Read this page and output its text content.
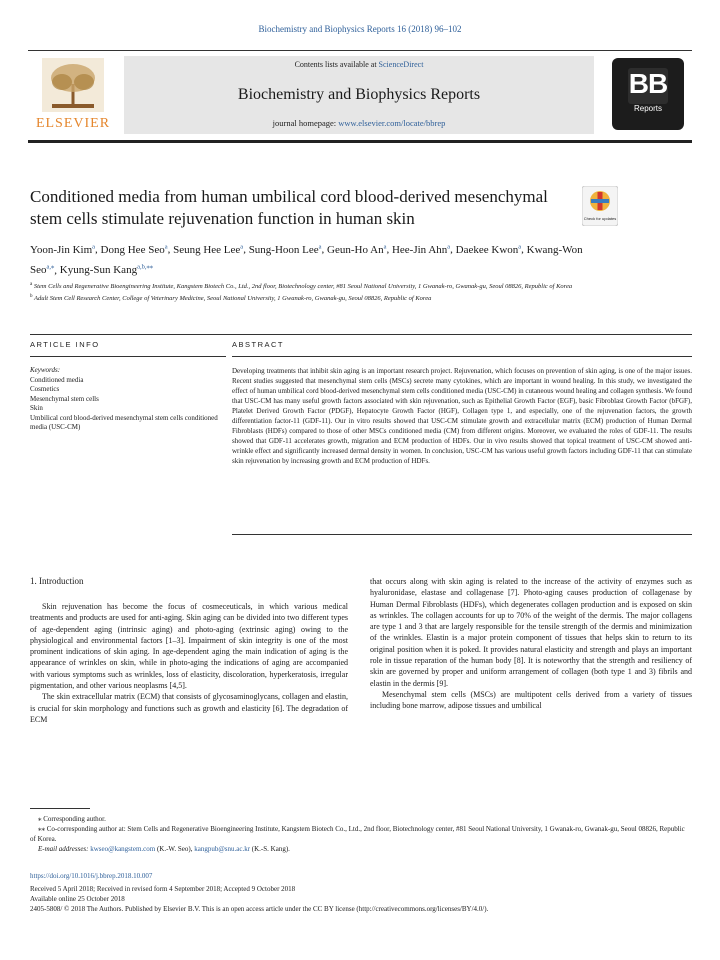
Biochemistry and Biophysics Reports 16 (2018) 96–102
ELSEVIER
Contents lists available at ScienceDirect
Biochemistry and Biophysics Reports
journal homepage: www.elsevier.com/locate/bbrep
BB
Reports
Conditioned media from human umbilical cord blood-derived mesenchymal stem cells stimulate rejuvenation function in human skin	Check for updates
Yoon-Jin Kim$^a$, Dong Hee Seo$^a$, Seung Hee Lee$^a$, Sung-Hoon Lee$^a$, Geun-Ho An$^a$, Hee-Jin Ahn$^a$, Daekee Kwon$^a$, Kwang-Won Seo$^{a,⁎}$, Kyung-Sun Kang$^{a,b,⁎⁎}$
$^a$ Stem Cells and Regenerative Bioengineering Institute, Kangstem Biotech Co., Ltd., 2nd floor, Biotechnology center, #81 Seoul National University, 1 Gwanak-ro, Gwanak-gu, Seoul 08826, Republic of Korea
$^b$ Adult Stem Cell Research Center, College of Veterinary Medicine, Seoul National University, 1 Gwanak-ro, Gwanak-gu, Seoul 08826, Republic of Korea
ARTICLE INFO
Keywords:
Conditioned media
Cosmetics
Mesenchymal stem cells
Skin
Umbilical cord blood-derived mesenchymal stem cells conditioned media (USC-CM)
ABSTRACT
Developing treatments that inhibit skin aging is an important research project. Rejuvenation, which focuses on prevention of skin aging, is one of the major issues. Recent studies suggested that mesenchymal stem cells (MSCs) secrete many cytokines, which are important in wound healing. In this study, we investigated the effect of human umbilical cord blood-derived mesenchymal stem cells conditioned media (USC-CM) in cutaneous wound healing and collagen synthesis. We found that USC-CM has many useful growth factors associated with skin rejuvenation, such as Epithelial Growth Factor (EGF), basic Fibroblast Growth Factor (bFGF), Platelet Derived Growth Factor (PDGF), Hepatocyte Growth Factor (HGF), Collagen type 1, and especially, one of the rejuvenation factors, the growth differentiation factor-11 (GDF-11). Our in vitro results showed that USC-CM stimulate growth and extracellular matrix (ECM) production of Human Dermal Fibroblasts (HDFs) compared to those of other MSCs conditioned media (CM) from different origins. Moreover, we evaluated the roles of GDF-11. The results showed that GDF-11 accelerates growth, migration and ECM production of HDFs. Our in vivo results showed that topical treatment of USC-CM showed anti-wrinkle effect and significantly increased dermal density in women. In conclusion, USC-CM has various useful growth factors including GDF-11 that can stimulate skin rejuvenation by increasing growth and ECM production of HDFs.
1. Introduction

Skin rejuvenation has become the focus of cosmeceuticals, in which various medical treatments and products are used for anti-aging. Skin aging can be divided into two different types of age-dependent aging (intrinsic aging) and photo-aging (extrinsic aging) owing to the physiological and environmental factors [1–3]. Impairment of skin integrity is one of the most prominent indications of skin aging. In age-dependent aging the main indication of aging is the appearance of wrinkles on skin, while in photo-aging the indications of aging are accompanied with various symptoms such as wrinkles, loss of elasticity, discoloration, hyperkeratosis, irregular pigmentation, and other various neoplasms [4,5].

The skin extracellular matrix (ECM) that consists of glycosaminoglycans, collagen and elastin, is crucial for skin morphology and functions such as growth and elasticity [6]. The degradation of ECM

that occurs along with skin aging is related to the increase of the activity of enzymes such as hyaluronidase, elastase and collagenase [7]. Photo-aging causes production of collagenase by Human Dermal Fibroblasts (HDFs), which degenerates collagen production and is exposed on skin as wrinkles. The collagen accounts for up to 70% of the weight of the dermis. The major collagens are type 1 and 3 that are largely responsible for the tensile strength of the dermis and minimization of the wrinkles. Elastin is a major protein component of tissues that helps skin to return to its original position when it is poked. It provides natural elasticity and strength and plays an important role in tissue reparation of the human body [8]. It is noteworthy that the strength and resiliency of skin are governed by proper and uniform arrangement of collagen (both type 1 and 3) fibrils and elastin in the dermis [9].

Mesenchymal stem cells (MSCs) are multipotent cells derived from a variety of tissues including bone marrow, adipose tissues and umbilical

⁎ Corresponding author.

⁎⁎ Co-corresponding author at: Stem Cells and Regenerative Bioengineering Institute, Kangstem Biotech Co., Ltd., 2nd floor, Biotechnology center, #81 Seoul National University, 1 Gwanak-ro, Gwanak-gu, Seoul 08826, Republic of Korea.

E-mail addresses: kwseo@kangstem.com (K.-W. Seo), kangpub@snu.ac.kr (K.-S. Kang).

https://doi.org/10.1016/j.bbrep.2018.10.007

Received 5 April 2018; Received in revised form 4 September 2018; Accepted 9 October 2018

Available online 25 October 2018

2405-5808/ © 2018 The Authors. Published by Elsevier B.V. This is an open access article under the CC BY license (http://creativecommons.org/licenses/BY/4.0/).
